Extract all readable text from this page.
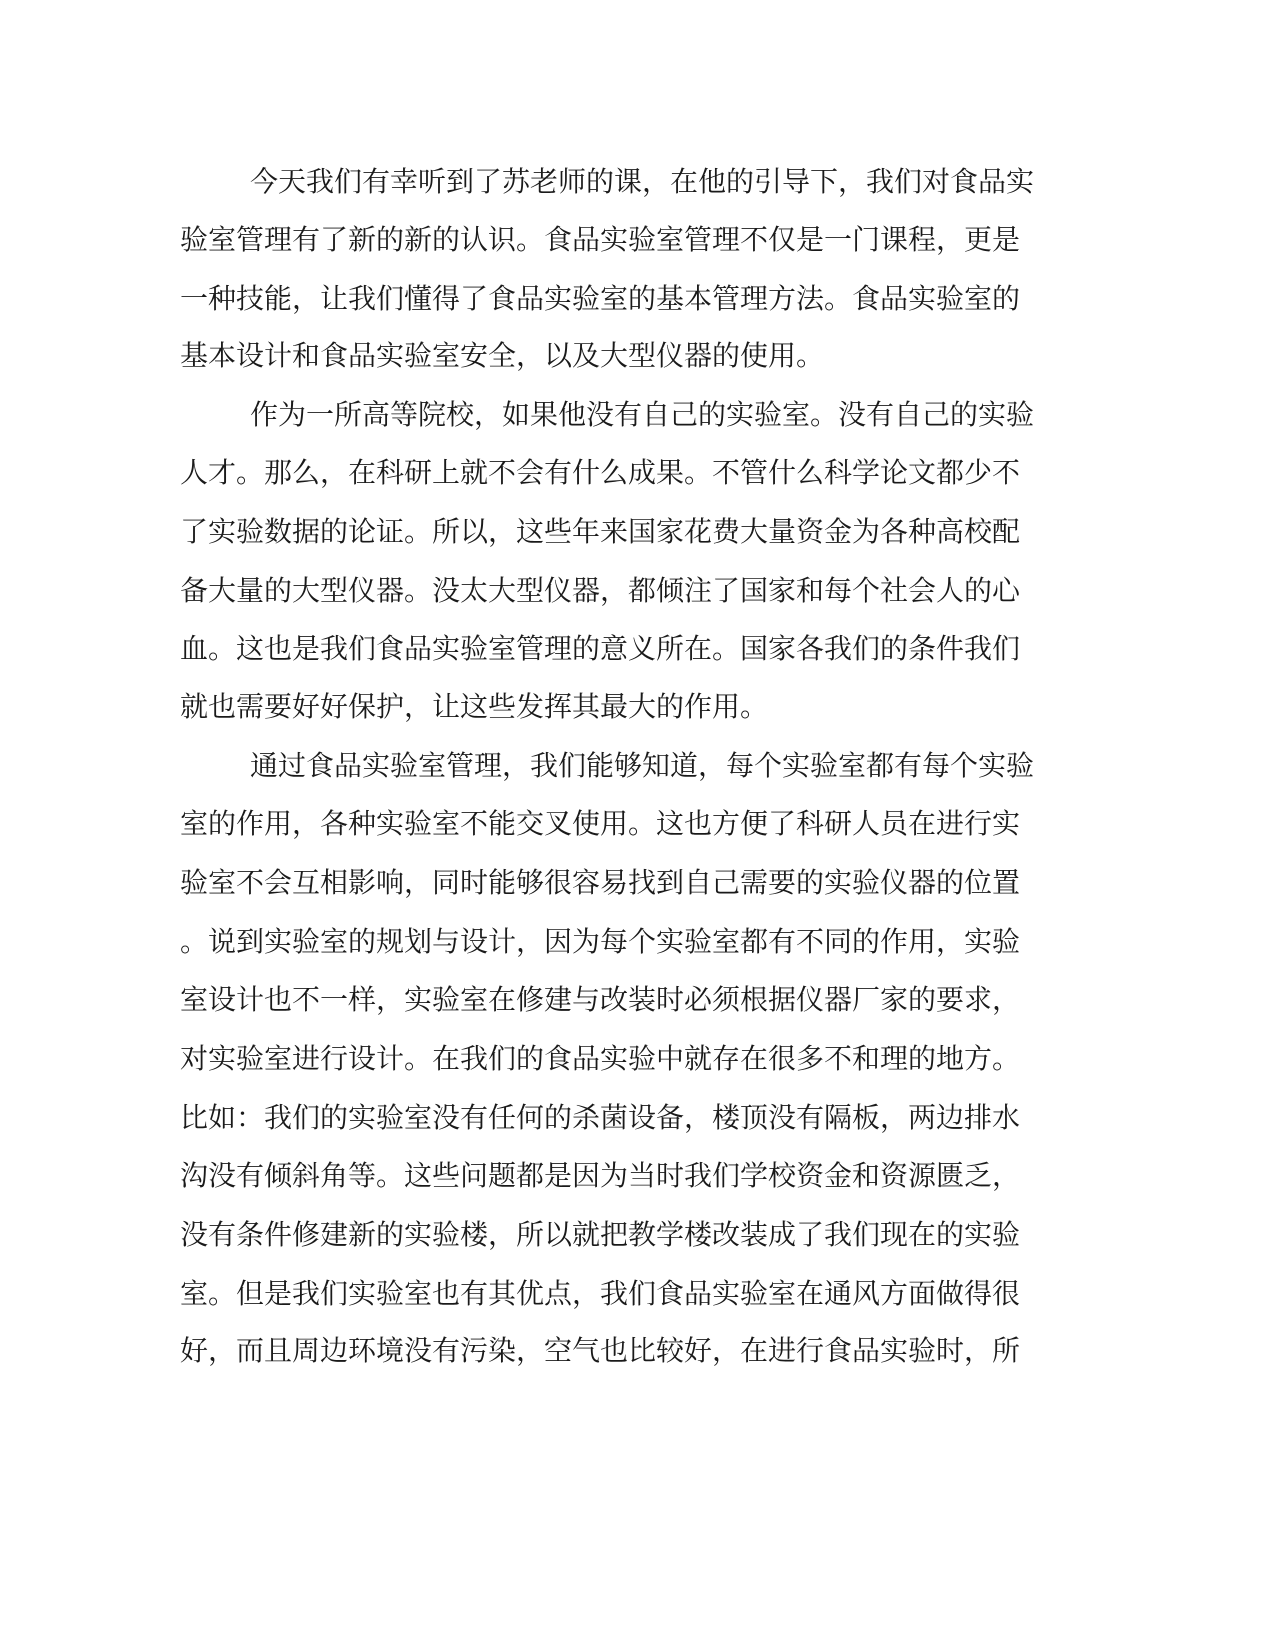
今天我们有幸听到了苏老师的课，在他的引导下，我们对食品实
验室管理有了新的新的认识。食品实验室管理不仅是一门课程，更是
一种技能，让我们懂得了食品实验室的基本管理方法。食品实验室的
基本设计和食品实验室安全，以及大型仪器的使用。
作为一所高等院校，如果他没有自己的实验室。没有自己的实验
人才。那么，在科研上就不会有什么成果。不管什么科学论文都少不
了实验数据的论证。所以，这些年来国家花费大量资金为各种高校配
备大量的大型仪器。没太大型仪器，都倾注了国家和每个社会人的心
血。这也是我们食品实验室管理的意义所在。国家各我们的条件我们
就也需要好好保护，让这些发挥其最大的作用。
通过食品实验室管理，我们能够知道，每个实验室都有每个实验
室的作用，各种实验室不能交叉使用。这也方便了科研人员在进行实
验室不会互相影响，同时能够很容易找到自己需要的实验仪器的位置
。说到实验室的规划与设计，因为每个实验室都有不同的作用，实验
室设计也不一样，实验室在修建与改装时必须根据仪器厂家的要求，
对实验室进行设计。在我们的食品实验中就存在很多不和理的地方。
比如：我们的实验室没有任何的杀菌设备，楼顶没有隔板，两边排水
沟没有倾斜角等。这些问题都是因为当时我们学校资金和资源匮乏，
没有条件修建新的实验楼，所以就把教学楼改装成了我们现在的实验
室。但是我们实验室也有其优点，我们食品实验室在通风方面做得很
好，而且周边环境没有污染，空气也比较好，在进行食品实验时，所
